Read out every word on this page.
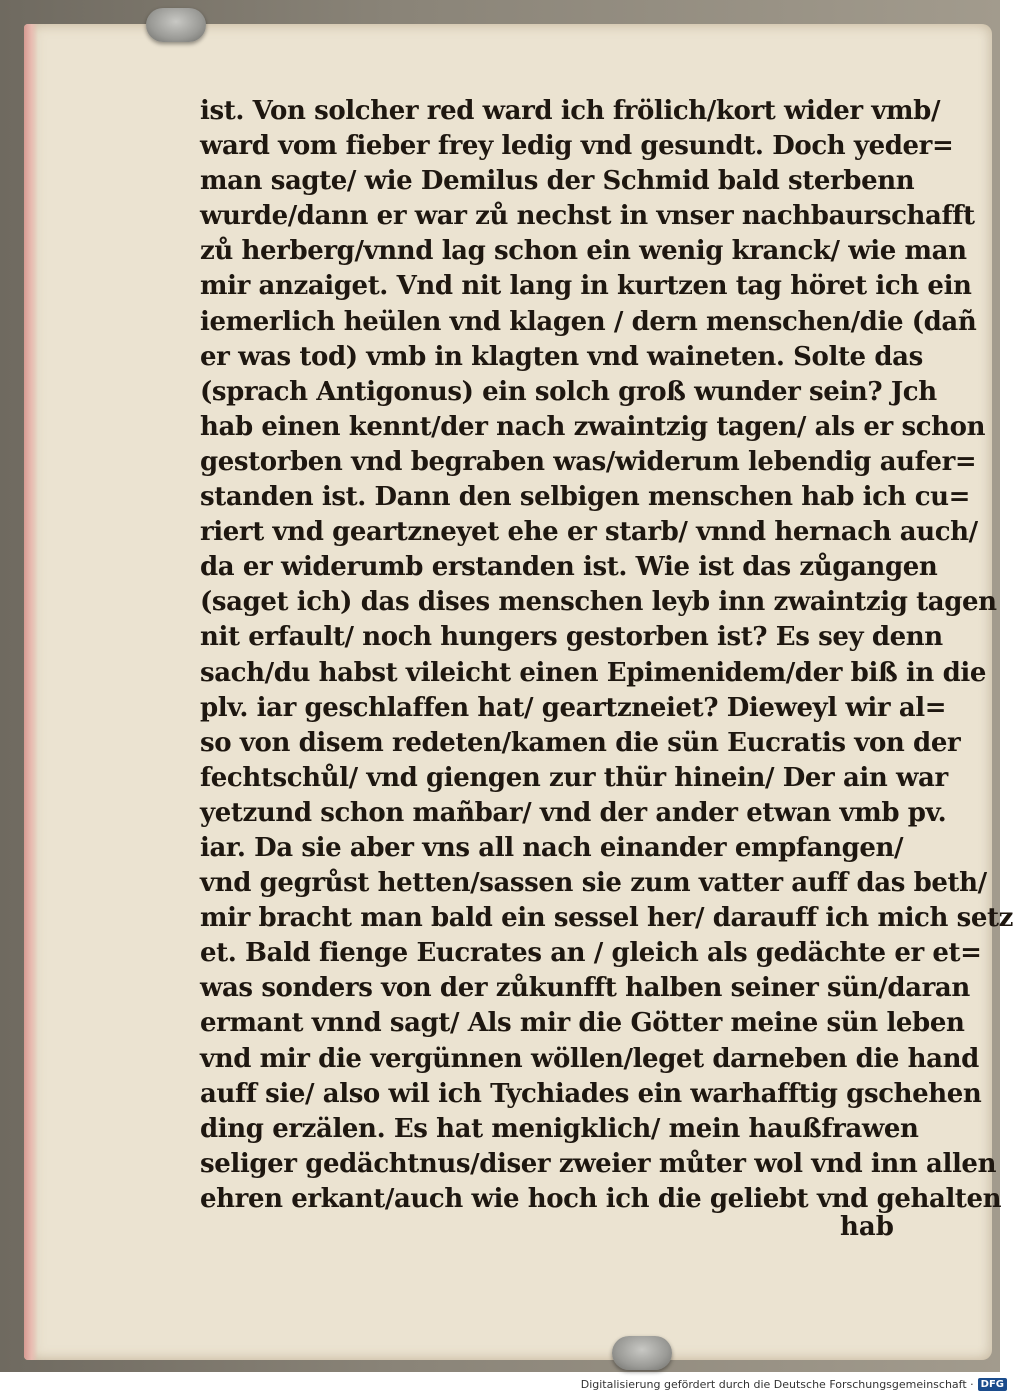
ist. Von solcher red ward ich frölich/kort wider vmb/
ward vom fieber frey ledig vnd gesundt. Doch yeder=
man sagte/ wie Demilus der Schmid bald sterbenn
wurde/dann er war zů nechst in vnser nachbaurschafft
zů herberg/vnnd lag schon ein wenig kranck/ wie man
mir anzaiget. Vnd nit lang in kurtzen tag höret ich ein
iemerlich heülen vnd klagen / dern menschen/die (dañ
er was tod) vmb in klagten vnd waineten. Solte das
(sprach Antigonus) ein solch groß wunder sein? Jch
hab einen kennt/der nach zwaintzig tagen/ als er schon
gestorben vnd begraben was/widerum lebendig aufer=
standen ist. Dann den selbigen menschen hab ich cu=
riert vnd geartzneyet ehe er starb/ vnnd hernach auch/
da er widerumb erstanden ist. Wie ist das zůgangen
(saget ich) das dises menschen leyb inn zwaintzig tagen
nit erfault/ noch hungers gestorben ist? Es sey denn
sach/du habst vileicht einen Epimenidem/der biß in die
plv. iar geschlaffen hat/ geartzneiet? Dieweyl wir al=
so von disem redeten/kamen die sün Eucratis von der
fechtschůl/ vnd giengen zur thür hinein/ Der ain war
yetzund schon mañbar/ vnd der ander etwan vmb pv.
iar. Da sie aber vns all nach einander empfangen/
vnd gegrůst hetten/sassen sie zum vatter auff das beth/
mir bracht man bald ein sessel her/ darauff ich mich setz
et. Bald fienge Eucrates an / gleich als gedächte er et=
was sonders von der zůkunfft halben seiner sün/daran
ermant vnnd sagt/ Als mir die Götter meine sün leben
vnd mir die vergünnen wöllen/leget darneben die hand
auff sie/ also wil ich Tychiades ein warhafftig gschehen
ding erzälen. Es hat menigklich/ mein haußfrawen
seliger gedächtnus/diser zweier můter wol vnd inn allen
ehren erkant/auch wie hoch ich die geliebt vnd gehalten
hab
Digitalisierung gefördert durch die Deutsche Forschungsgemeinschaft · DFG
